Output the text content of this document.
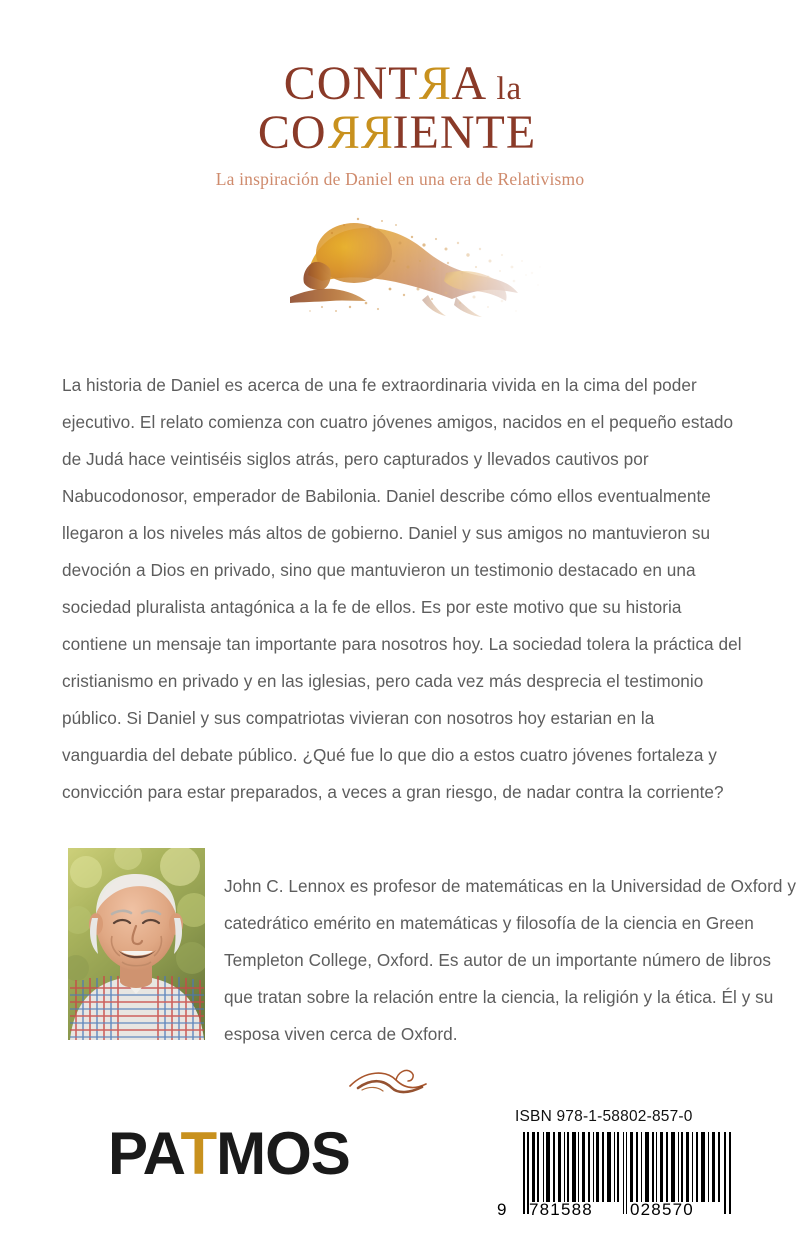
CONTRA la
CORRIENTE
La inspiración de Daniel en una era de Relativismo

La historia de Daniel es acerca de una fe extraordinaria vivida en la cima del poder ejecutivo. El relato comienza con cuatro jóvenes amigos, nacidos en el pequeño estado de Judá hace veintiséis siglos atrás, pero capturados y llevados cautivos por Nabucodonosor, emperador de Babilonia. Daniel describe cómo ellos eventualmente llegaron a los niveles más altos de gobierno. Daniel y sus amigos no mantuvieron su devoción a Dios en privado, sino que mantuvieron un testimonio destacado en una sociedad pluralista antagónica a la fe de ellos. Es por este motivo que su historia contiene un mensaje tan importante para nosotros hoy. La sociedad tolera la práctica del cristianismo en privado y en las iglesias, pero cada vez más desprecia el testimonio público. Si Daniel y sus compatriotas vivieran con nosotros hoy estarian en la vanguardia del debate público. ¿Qué fue lo que dio a estos cuatro jóvenes fortaleza y convicción para estar preparados, a veces a gran riesgo, de nadar contra la corriente?

John C. Lennox es profesor de matemáticas en la Universidad de Oxford y catedrático emérito en matemáticas y filosofía de la ciencia en Green Templeton College, Oxford. Es autor de un importante número de libros que tratan sobre la relación entre la ciencia, la religión y la ética. Él y su esposa viven cerca de Oxford.

PATMOS
ISBN 978-1-58802-857-0
9 781588 028570
